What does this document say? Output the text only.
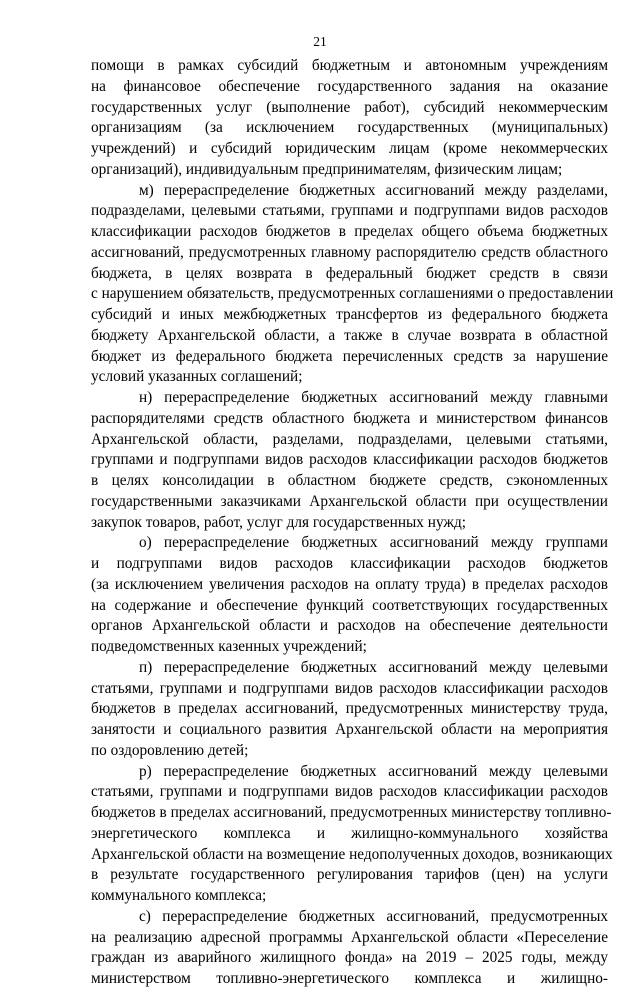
21
помощи в рамках субсидий бюджетным и автономным учреждениям
на финансовое обеспечение государственного задания на оказание
государственных услуг (выполнение работ), субсидий некоммерческим
организациям (за исключением государственных (муниципальных)
учреждений) и субсидий юридическим лицам (кроме некоммерческих
организаций), индивидуальным предпринимателям, физическим лицам;
м) перераспределение бюджетных ассигнований между разделами,
подразделами, целевыми статьями, группами и подгруппами видов расходов
классификации расходов бюджетов в пределах общего объема бюджетных
ассигнований, предусмотренных главному распорядителю средств областного
бюджета, в целях возврата в федеральный бюджет средств в связи
с нарушением обязательств, предусмотренных соглашениями о предоставлении
субсидий и иных межбюджетных трансфертов из федерального бюджета
бюджету Архангельской области, а также в случае возврата в областной
бюджет из федерального бюджета перечисленных средств за нарушение
условий указанных соглашений;
н) перераспределение бюджетных ассигнований между главными
распорядителями средств областного бюджета и министерством финансов
Архангельской области, разделами, подразделами, целевыми статьями,
группами и подгруппами видов расходов классификации расходов бюджетов
в целях консолидации в областном бюджете средств, сэкономленных
государственными заказчиками Архангельской области при осуществлении
закупок товаров, работ, услуг для государственных нужд;
о) перераспределение бюджетных ассигнований между группами
и подгруппами видов расходов классификации расходов бюджетов
(за исключением увеличения расходов на оплату труда) в пределах расходов
на содержание и обеспечение функций соответствующих государственных
органов Архангельской области и расходов на обеспечение деятельности
подведомственных казенных учреждений;
п) перераспределение бюджетных ассигнований между целевыми
статьями, группами и подгруппами видов расходов классификации расходов
бюджетов в пределах ассигнований, предусмотренных министерству труда,
занятости и социального развития Архангельской области на мероприятия
по оздоровлению детей;
р) перераспределение бюджетных ассигнований между целевыми
статьями, группами и подгруппами видов расходов классификации расходов
бюджетов в пределах ассигнований, предусмотренных министерству топливно-
энергетического комплекса и жилищно-коммунального хозяйства
Архангельской области на возмещение недополученных доходов, возникающих
в результате государственного регулирования тарифов (цен) на услуги
коммунального комплекса;
с) перераспределение бюджетных ассигнований, предусмотренных
на реализацию адресной программы Архангельской области «Переселение
граждан из аварийного жилищного фонда» на 2019 – 2025 годы, между
министерством топливно-энергетического комплекса и жилищно-
